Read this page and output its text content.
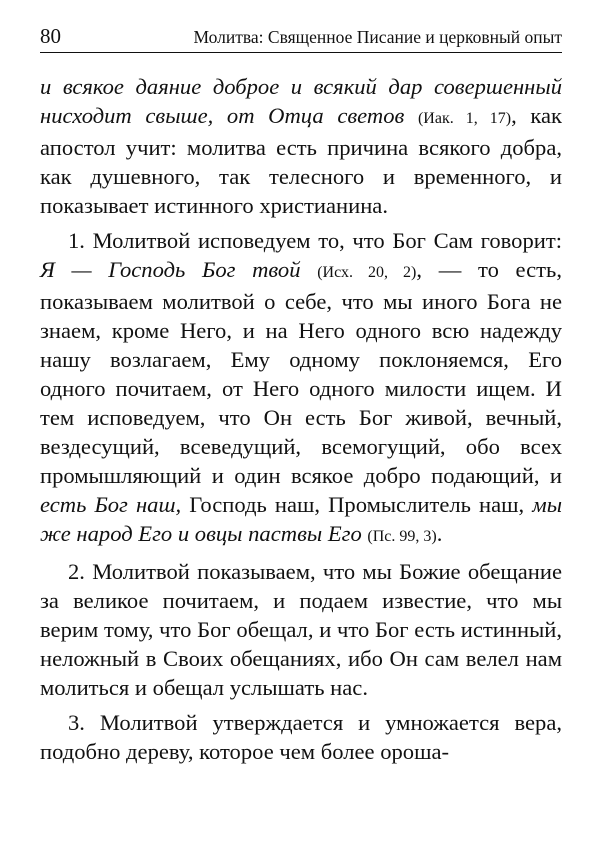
80	Молитва: Священное Писание и церковный опыт

и всякое даяние доброе и всякий дар совершенный нисходит свыше, от Отца светов (Иак. 1, 17), как апостол учит: молитва есть причина всякого добра, как душевного, так телесного и временного, и показывает истинного христианина.

1. Молитвой исповедуем то, что Бог Сам говорит: Я — Господь Бог твой (Исх. 20, 2), — то есть, показываем молитвой о себе, что мы иного Бога не знаем, кроме Него, и на Него одного всю надежду нашу возлагаем, Ему одному поклоняемся, Его одного почитаем, от Него одного милости ищем. И тем исповедуем, что Он есть Бог живой, вечный, вездесущий, всеведущий, всемогущий, обо всех промышляющий и один всякое добро подающий, и есть Бог наш, Господь наш, Промыслитель наш, мы же народ Его и овцы паствы Его (Пс. 99, 3).

2. Молитвой показываем, что мы Божие обещание за великое почитаем, и подаем известие, что мы верим тому, что Бог обещал, и что Бог есть истинный, неложный в Своих обещаниях, ибо Он сам велел нам молиться и обещал услышать нас.

3. Молитвой утверждается и умножается вера, подобно дереву, которое чем более ороша-
